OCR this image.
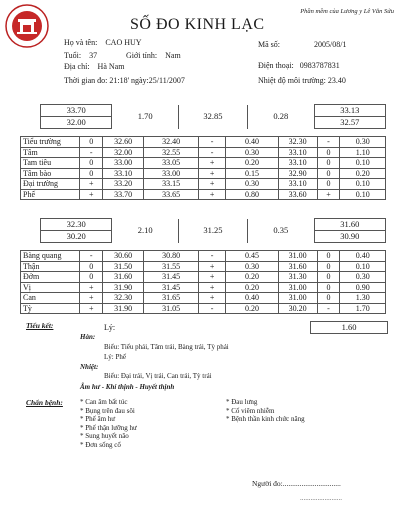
Phần mềm của Lương y Lê Văn Sửu
SỐ ĐO KINH LẠC
Họ và tên: CAO HUY
Tuổi: 37	Giới tính: Nam
Địa chỉ: Hà Nam
Thời gian đo: 21:18' ngày:25/11/2007
Mã số:	2005/08/1
Điện thoại: 0983787831
Nhiệt độ môi trường: 23.40
33.70	1.70	32.85	0.28	33.13
32.00				32.57
Tiểu trường	0	32.60	32.40	-	0.40	32.30	-	0.30
Tâm	-	32.00	32.55	-	0.30	33.10	0	1.10
Tam tiêu	0	33.00	33.05	+	0.20	33.10	0	0.10
Tâm bào	0	33.10	33.00	+	0.15	32.90	0	0.20
Đại trường	+	33.20	33.15	+	0.30	33.10	0	0.10
Phế	+	33.70	33.65	+	0.80	33.60	+	0.10
32.30	2.10	31.25	0.35	31.60
30.20				30.90
Bàng quang	-	30.60	30.80	-	0.45	31.00	0	0.40
Thận	0	31.50	31.55	+	0.30	31.60	0	0.10
Đởm	0	31.60	31.45	+	0.20	31.30	0	0.30
Vị	+	31.90	31.45	+	0.20	31.00	0	0.90
Can	+	32.30	31.65	+	0.40	31.00	0	1.30
Tỳ	+	31.90	31.05	-	0.20	30.20	-	1.70
Tiểu kết:	Lý:	1.60
Hàn:
Biểu: Tiểu phải, Tâm trái, Bàng trái, Tỳ phải
Lý: Phế
Nhiệt:
Biểu: Đại trái, Vị trái, Can trái, Tỳ trái
Âm hư - Khí thịnh - Huyết thịnh
Chẩn bệnh: * Can âm bất túc
* Bụng trên đau sôi
* Phế âm hư
* Phế thận lưỡng hư
* Sung huyết não
* Đơn sống cổ
* Đau lưng
* Cố viêm nhiễm
* Bệnh thần kinh chức năng
Người đo:...............................
........................
